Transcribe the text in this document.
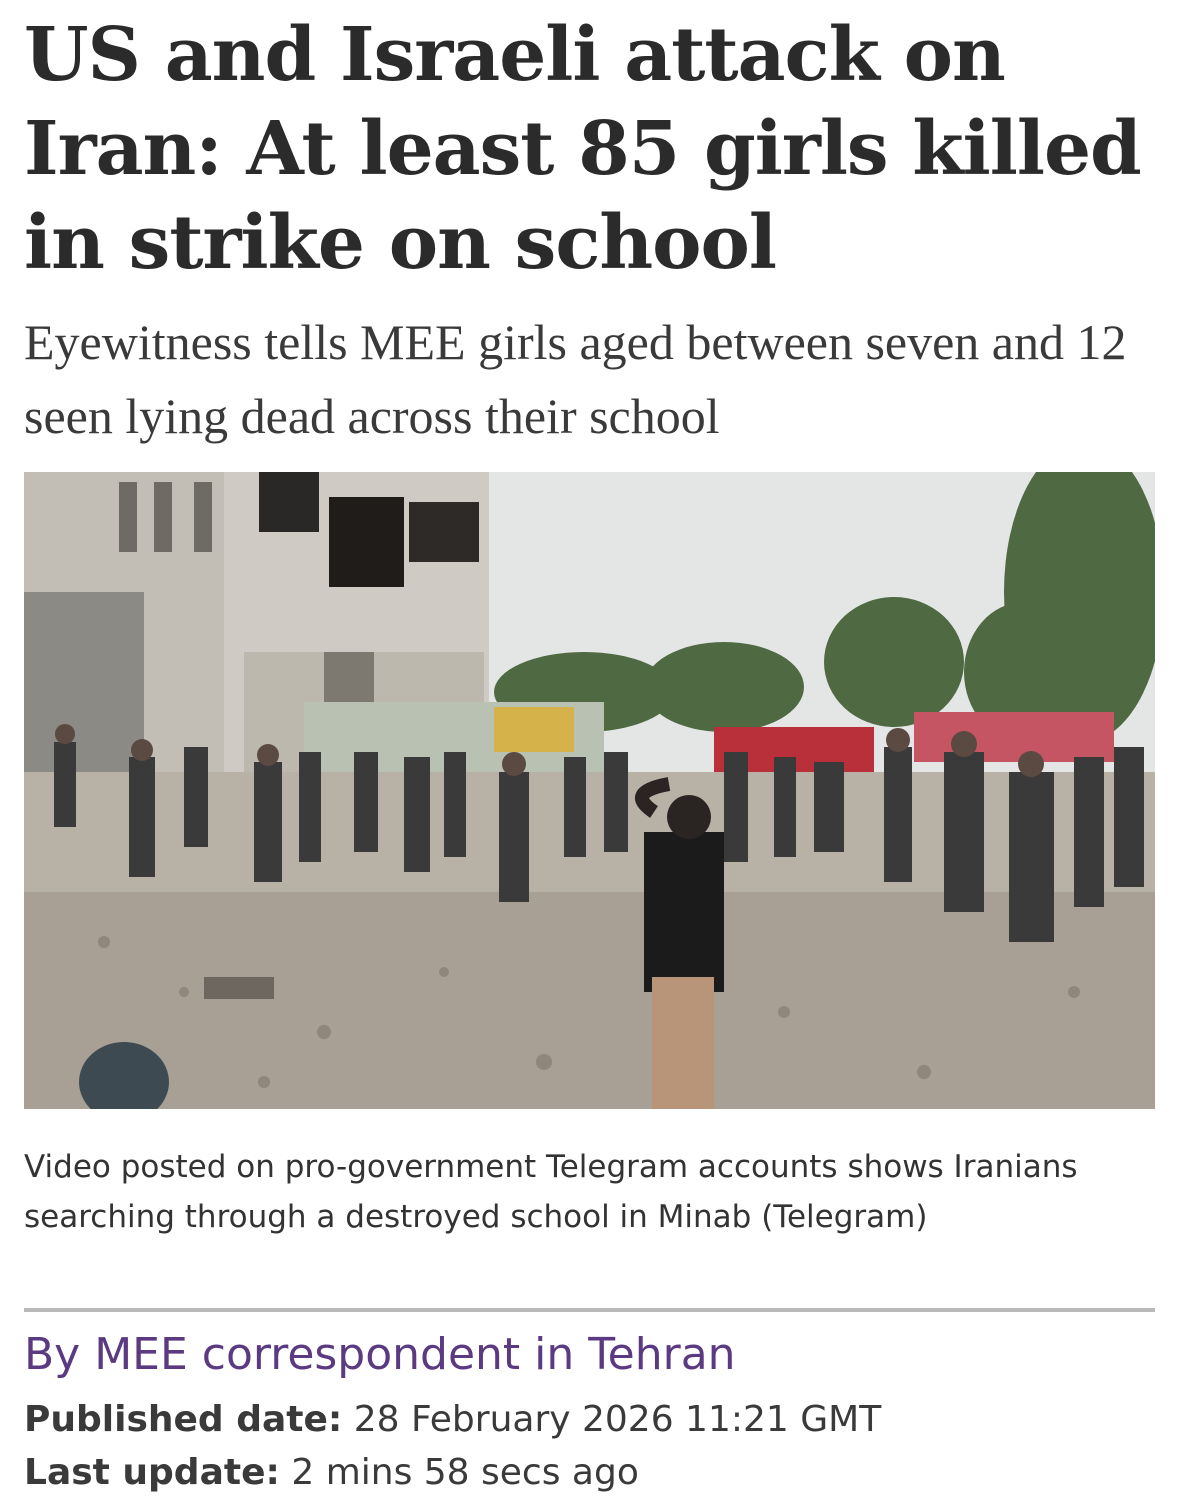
US and Israeli attack on Iran: At least 85 girls killed in strike on school

Eyewitness tells MEE girls aged between seven and 12 seen lying dead across their school

Video posted on pro-government Telegram accounts shows Iranians searching through a destroyed school in Minab (Telegram)

By MEE correspondent in Tehran

Published date: 28 February 2026 11:21 GMT
Last update: 2 mins 58 secs ago
